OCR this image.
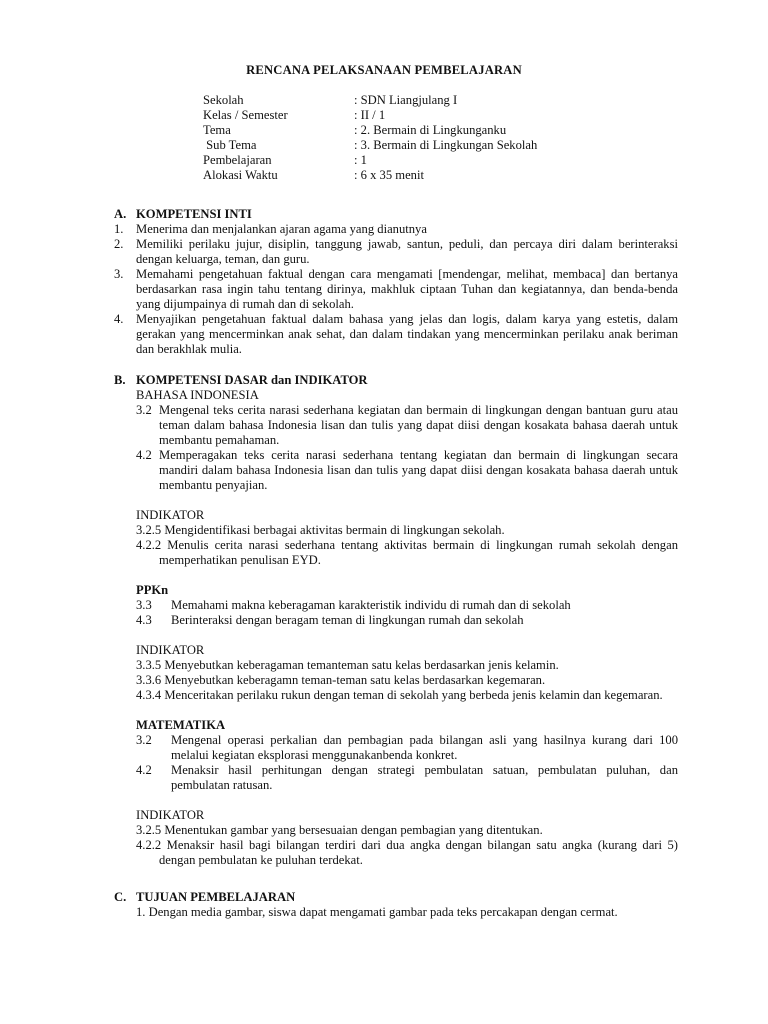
RENCANA PELAKSANAAN PEMBELAJARAN
Sekolah	: SDN Liangjulang I
Kelas / Semester	: II / 1
Tema	: 2. Bermain di Lingkunganku
Sub Tema	: 3. Bermain di Lingkungan Sekolah
Pembelajaran	: 1
Alokasi Waktu	: 6 x 35 menit
A. KOMPETENSI INTI
1. Menerima dan menjalankan ajaran agama yang dianutnya
2. Memiliki perilaku jujur, disiplin, tanggung jawab, santun, peduli, dan percaya diri dalam berinteraksi dengan keluarga, teman, dan guru.
3. Memahami pengetahuan faktual dengan cara mengamati [mendengar, melihat, membaca] dan bertanya berdasarkan rasa ingin tahu tentang dirinya, makhluk ciptaan Tuhan dan kegiatannya, dan benda-benda yang dijumpainya di rumah dan di sekolah.
4. Menyajikan pengetahuan faktual dalam bahasa yang jelas dan logis, dalam karya yang estetis, dalam gerakan yang mencerminkan anak sehat, dan dalam tindakan yang mencerminkan perilaku anak beriman dan berakhlak mulia.
B. KOMPETENSI DASAR dan INDIKATOR
BAHASA INDONESIA
3.2 Mengenal teks cerita narasi sederhana kegiatan dan bermain di lingkungan dengan bantuan guru atau teman dalam bahasa Indonesia lisan dan tulis yang dapat diisi dengan kosakata bahasa daerah untuk membantu pemahaman.
4.2 Memperagakan teks cerita narasi sederhana tentang kegiatan dan bermain di lingkungan secara mandiri dalam bahasa Indonesia lisan dan tulis yang dapat diisi dengan kosakata bahasa daerah untuk membantu penyajian.
INDIKATOR
3.2.5 Mengidentifikasi berbagai aktivitas bermain di lingkungan sekolah.
4.2.2 Menulis cerita narasi sederhana tentang aktivitas bermain di lingkungan rumah sekolah dengan memperhatikan penulisan EYD.
PPKn
3.3	Memahami makna keberagaman karakteristik individu di rumah dan di sekolah
4.3	Berinteraksi dengan beragam teman di lingkungan rumah dan sekolah
INDIKATOR
3.3.5 Menyebutkan keberagaman temanteman satu kelas berdasarkan jenis kelamin.
3.3.6 Menyebutkan keberagamn teman-teman satu kelas berdasarkan kegemaran.
4.3.4 Menceritakan perilaku rukun dengan teman di sekolah yang berbeda jenis kelamin dan kegemaran.
MATEMATIKA
3.2	Mengenal operasi perkalian dan pembagian pada bilangan asli yang hasilnya kurang dari 100 melalui kegiatan eksplorasi menggunakanbenda konkret.
4.2	Menaksir hasil perhitungan dengan strategi pembulatan satuan, pembulatan puluhan, dan pembulatan ratusan.
INDIKATOR
3.2.5 Menentukan gambar yang bersesuaian dengan pembagian yang ditentukan.
4.2.2 Menaksir hasil bagi bilangan terdiri dari dua angka dengan bilangan satu angka (kurang dari 5) dengan pembulatan ke puluhan terdekat.
C. TUJUAN PEMBELAJARAN
1. Dengan media gambar, siswa dapat mengamati gambar pada teks percakapan dengan cermat.
